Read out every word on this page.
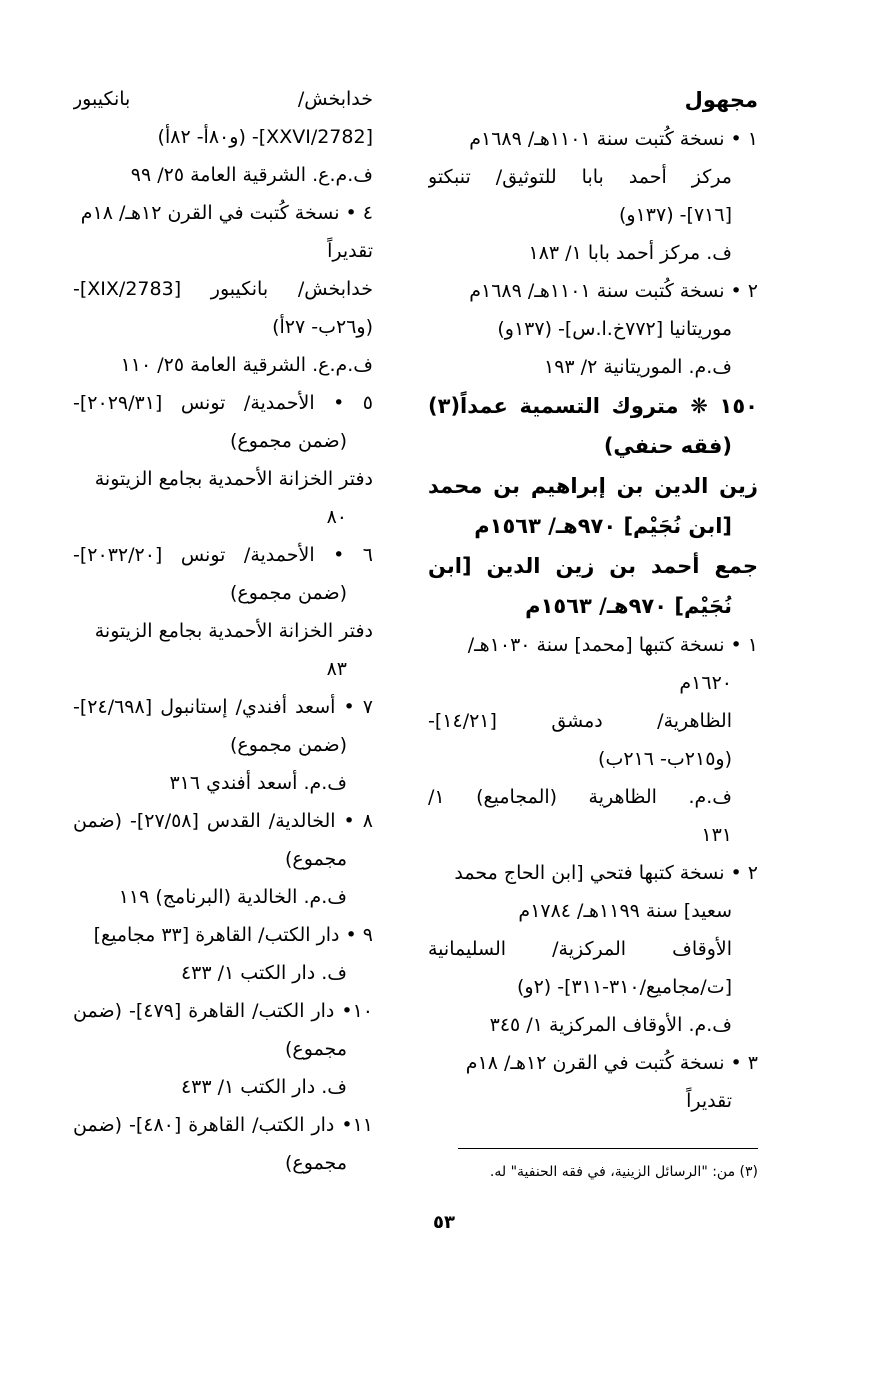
مجهول
١ • نسخة كُتبت سنة ١١٠١هـ/ ١٦٨٩م
مركز أحمد بابا للتوثيق/ تنبكتو
[٧١٦]- (١٣٧و)
ف. مركز أحمد بابا ١/ ١٨٣
٢ • نسخة كُتبت سنة ١١٠١هـ/ ١٦٨٩م
موريتانيا [٧٧٢خ.ا.س]- (١٣٧و)
ف.م. الموريتانية ٢/ ١٩٣
١٥٠ ❋ متروك التسمية عمداً(٣)
(فقه حنفي)
زين الدين بن إبراهيم بن محمد
[ابن نُجَيْم] ٩٧٠هـ/ ١٥٦٣م
جمع أحمد بن زين الدين [ابن
نُجَيْم] ٩٧٠هـ/ ١٥٦٣م
١ • نسخة كتبها [محمد] سنة ١٠٣٠هـ/
١٦٢٠م
الظاهرية/ دمشق [١٤/٢١]-
(و٢١٥ب- ٢١٦ب)
ف.م. الظاهرية (المجاميع) ١/
١٣١
٢ • نسخة كتبها فتحي [ابن الحاج محمد
سعيد] سنة ١١٩٩هـ/ ١٧٨٤م
الأوقاف المركزية/ السليمانية
[ت/مجاميع/٣١٠-٣١١]- (٢و)
ف.م. الأوقاف المركزية ١/ ٣٤٥
٣ • نسخة كُتبت في القرن ١٢هـ/ ١٨م
تقديراً
خدابخش/ بانكيبور
[2782/XXVI]- (و٨٠أ- ٨٢أ)
ف.م.ع. الشرقية العامة ٢٥/ ٩٩
٤ • نسخة كُتبت في القرن ١٢هـ/ ١٨م
تقديراً
خدابخش/ بانكيبور [2783/XIX]-
(و٢٦ب- ٢٧أ)
ف.م.ع. الشرقية العامة ٢٥/ ١١٠
٥ • الأحمدية/ تونس [٢٠٢٩/٣١]-
(ضمن مجموع)
دفتر الخزانة الأحمدية بجامع الزيتونة
٨٠
٦ • الأحمدية/ تونس [٢٠٣٢/٢٠]-
(ضمن مجموع)
دفتر الخزانة الأحمدية بجامع الزيتونة
٨٣
٧ • أسعد أفندي/ إستانبول [٢٤/٦٩٨]-
(ضمن مجموع)
ف.م. أسعد أفندي ٣١٦
٨ • الخالدية/ القدس [٢٧/٥٨]- (ضمن
مجموع)
ف.م. الخالدية (البرنامج) ١١٩
٩ • دار الكتب/ القاهرة [٣٣ مجاميع]
ف. دار الكتب ١/ ٤٣٣
١٠• دار الكتب/ القاهرة [٤٧٩]- (ضمن
مجموع)
ف. دار الكتب ١/ ٤٣٣
١١• دار الكتب/ القاهرة [٤٨٠]- (ضمن
مجموع)	(٣) من: "الرسائل الزينية، في فقه الحنفية" له.
٥٣
